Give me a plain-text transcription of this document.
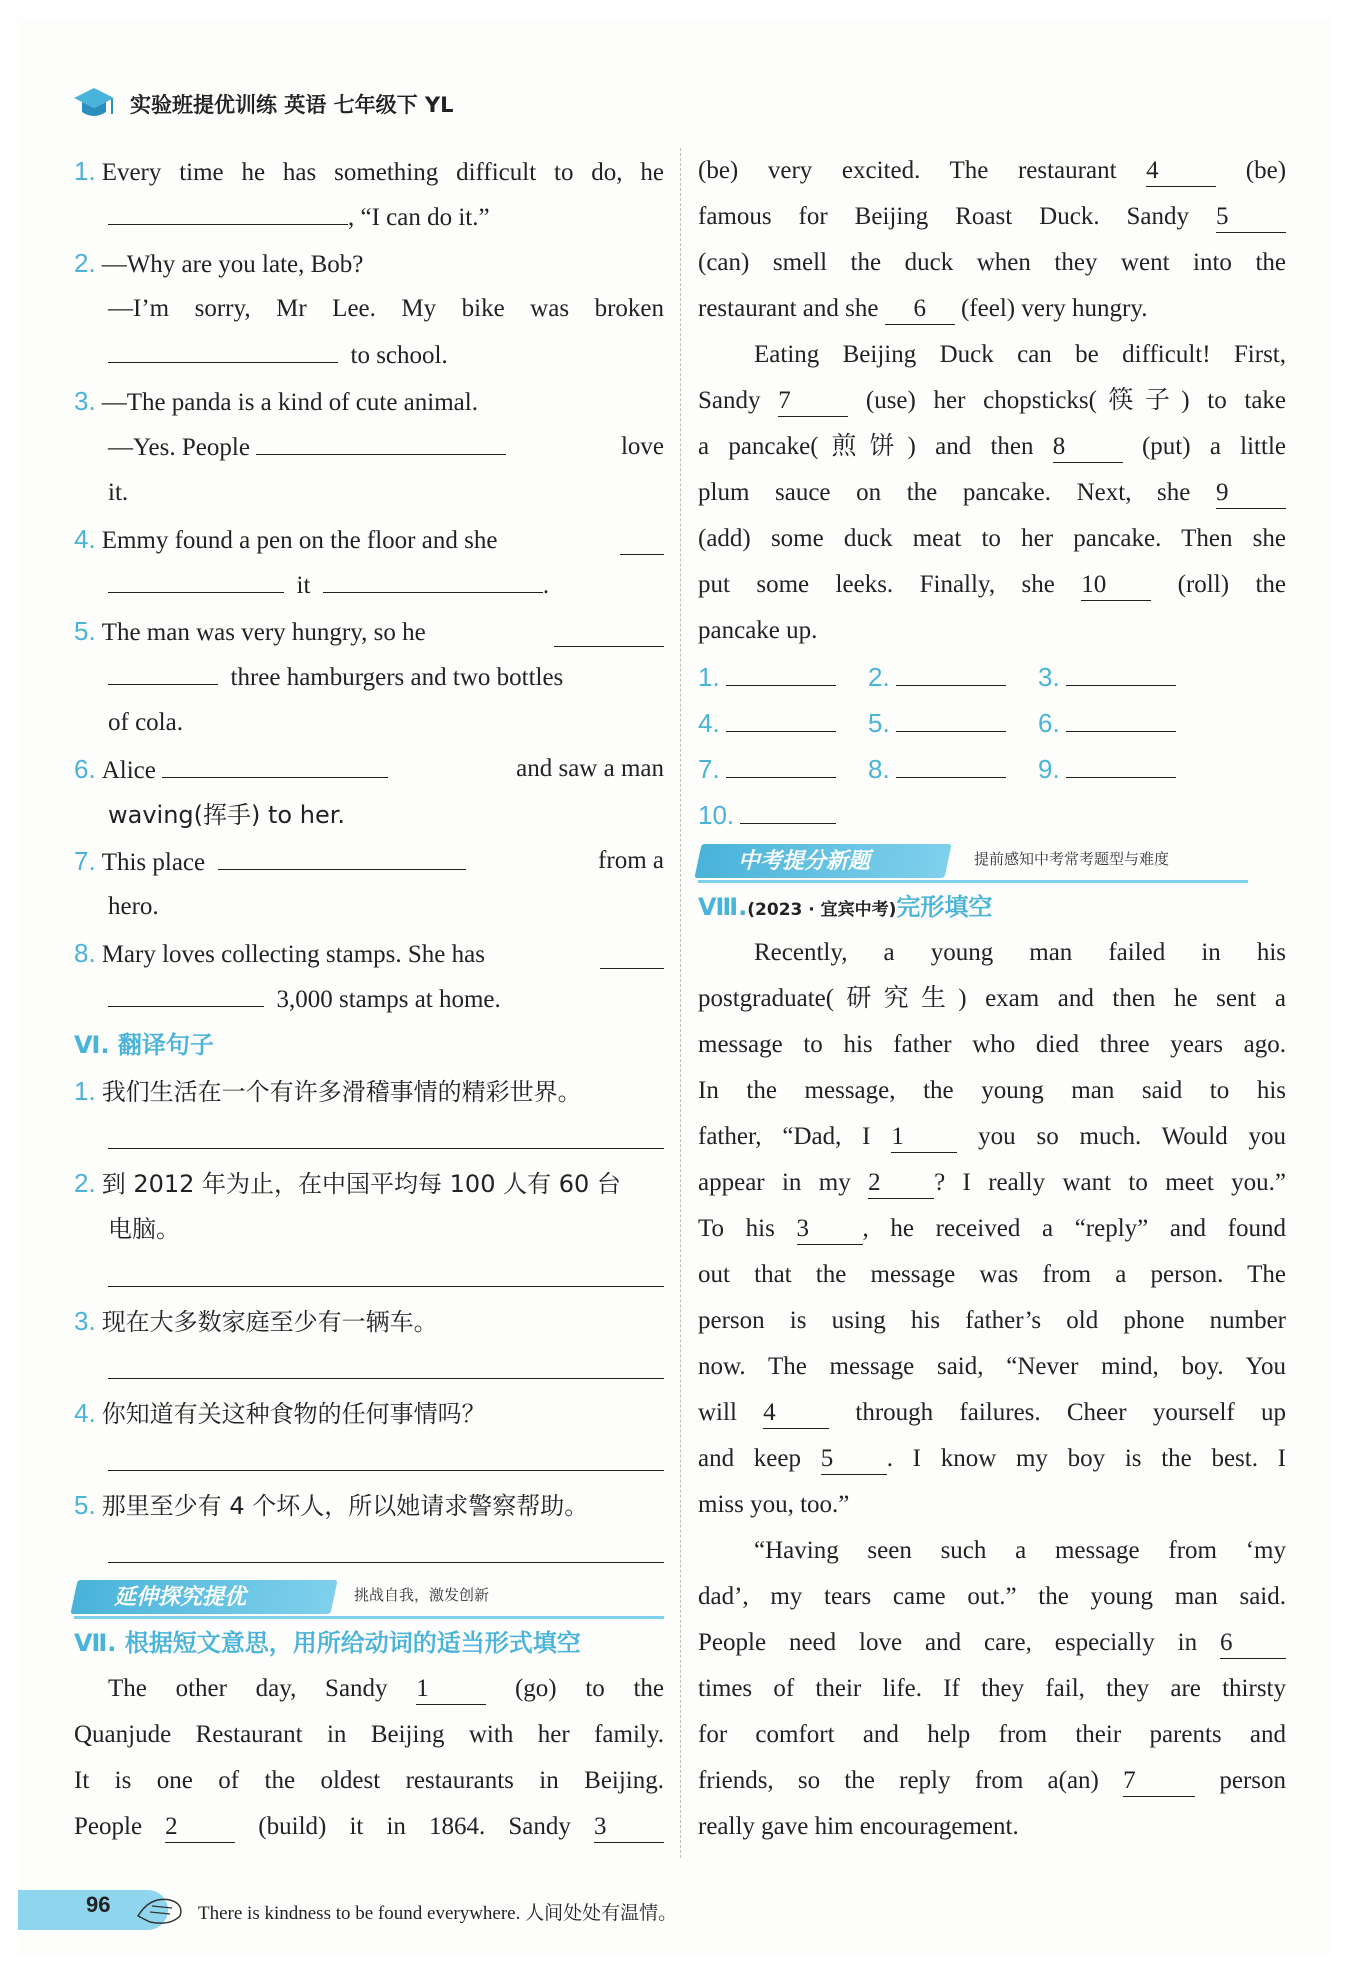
实验班提优训练 英语 七年级下 YL
1. Every time he has something difficult to do, he
, “I can do it.”
2. —Why are you late, Bob?
—I’m sorry, Mr Lee. My bike was broken
to school.
3. —The panda is a kind of cute animal.
—Yes. People	love
it.
4. Emmy found a pen on the floor and she
it	.
5. The man was very hungry, so he
three hamburgers and two bottles
of cola.
6. Alice	and saw a man
waving(挥手) to her.
7. This place	from a
hero.
8. Mary loves collecting stamps. She has
3,000 stamps at home.
Ⅵ. 翻译句子
1. 我们生活在一个有许多滑稽事情的精彩世界。
2. 到 2012 年为止，在中国平均每 100 人有 60 台
电脑。
3. 现在大多数家庭至少有一辆车。
4. 你知道有关这种食物的任何事情吗？
5. 那里至少有 4 个坏人，所以她请求警察帮助。
延伸探究提优	挑战自我，激发创新
Ⅶ. 根据短文意思，用所给动词的适当形式填空
The other day, Sandy 1	(go) to the
Quanjude Restaurant in Beijing with her family.
It is one of the oldest restaurants in Beijing.
People 2	(build) it in 1864. Sandy 3
(be) very excited. The restaurant 4	(be)
famous for Beijing Roast Duck. Sandy 5
(can) smell the duck when they went into the
restaurant and she 6 (feel) very hungry.
Eating Beijing Duck can be difficult! First,
Sandy 7	(use) her chopsticks(筷子) to take
a pancake(煎饼) and then 8	(put) a little
plum sauce on the pancake. Next, she 9
(add) some duck meat to her pancake. Then she
put some leeks. Finally, she 10	(roll) the
pancake up.
1.	2.	3.
4.	5.	6.
7.	8.	9.
10.
中考提分新题	提前感知中考常考题型与难度
Ⅷ.(2023 · 宜宾中考)完形填空
Recently, a young man failed in his
postgraduate(研究生) exam and then he sent a
message to his father who died three years ago.
In the message, the young man said to his
father, “Dad, I 1	you so much. Would you
appear in my 2 ? I really want to meet you.”
To his 3 , he received a “reply” and found
out that the message was from a person. The
person is using his father’s old phone number
now. The message said, “Never mind, boy. You
will 4	through failures. Cheer yourself up
and keep 5 . I know my boy is the best. I
miss you, too.”
“Having seen such a message from ‘my
dad’, my tears came out.” the young man said.
People need love and care, especially in 6
times of their life. If they fail, they are thirsty
for comfort and help from their parents and
friends, so the reply from a(an) 7	person
really gave him encouragement.
96	There is kindness to be found everywhere. 人间处处有温情。
